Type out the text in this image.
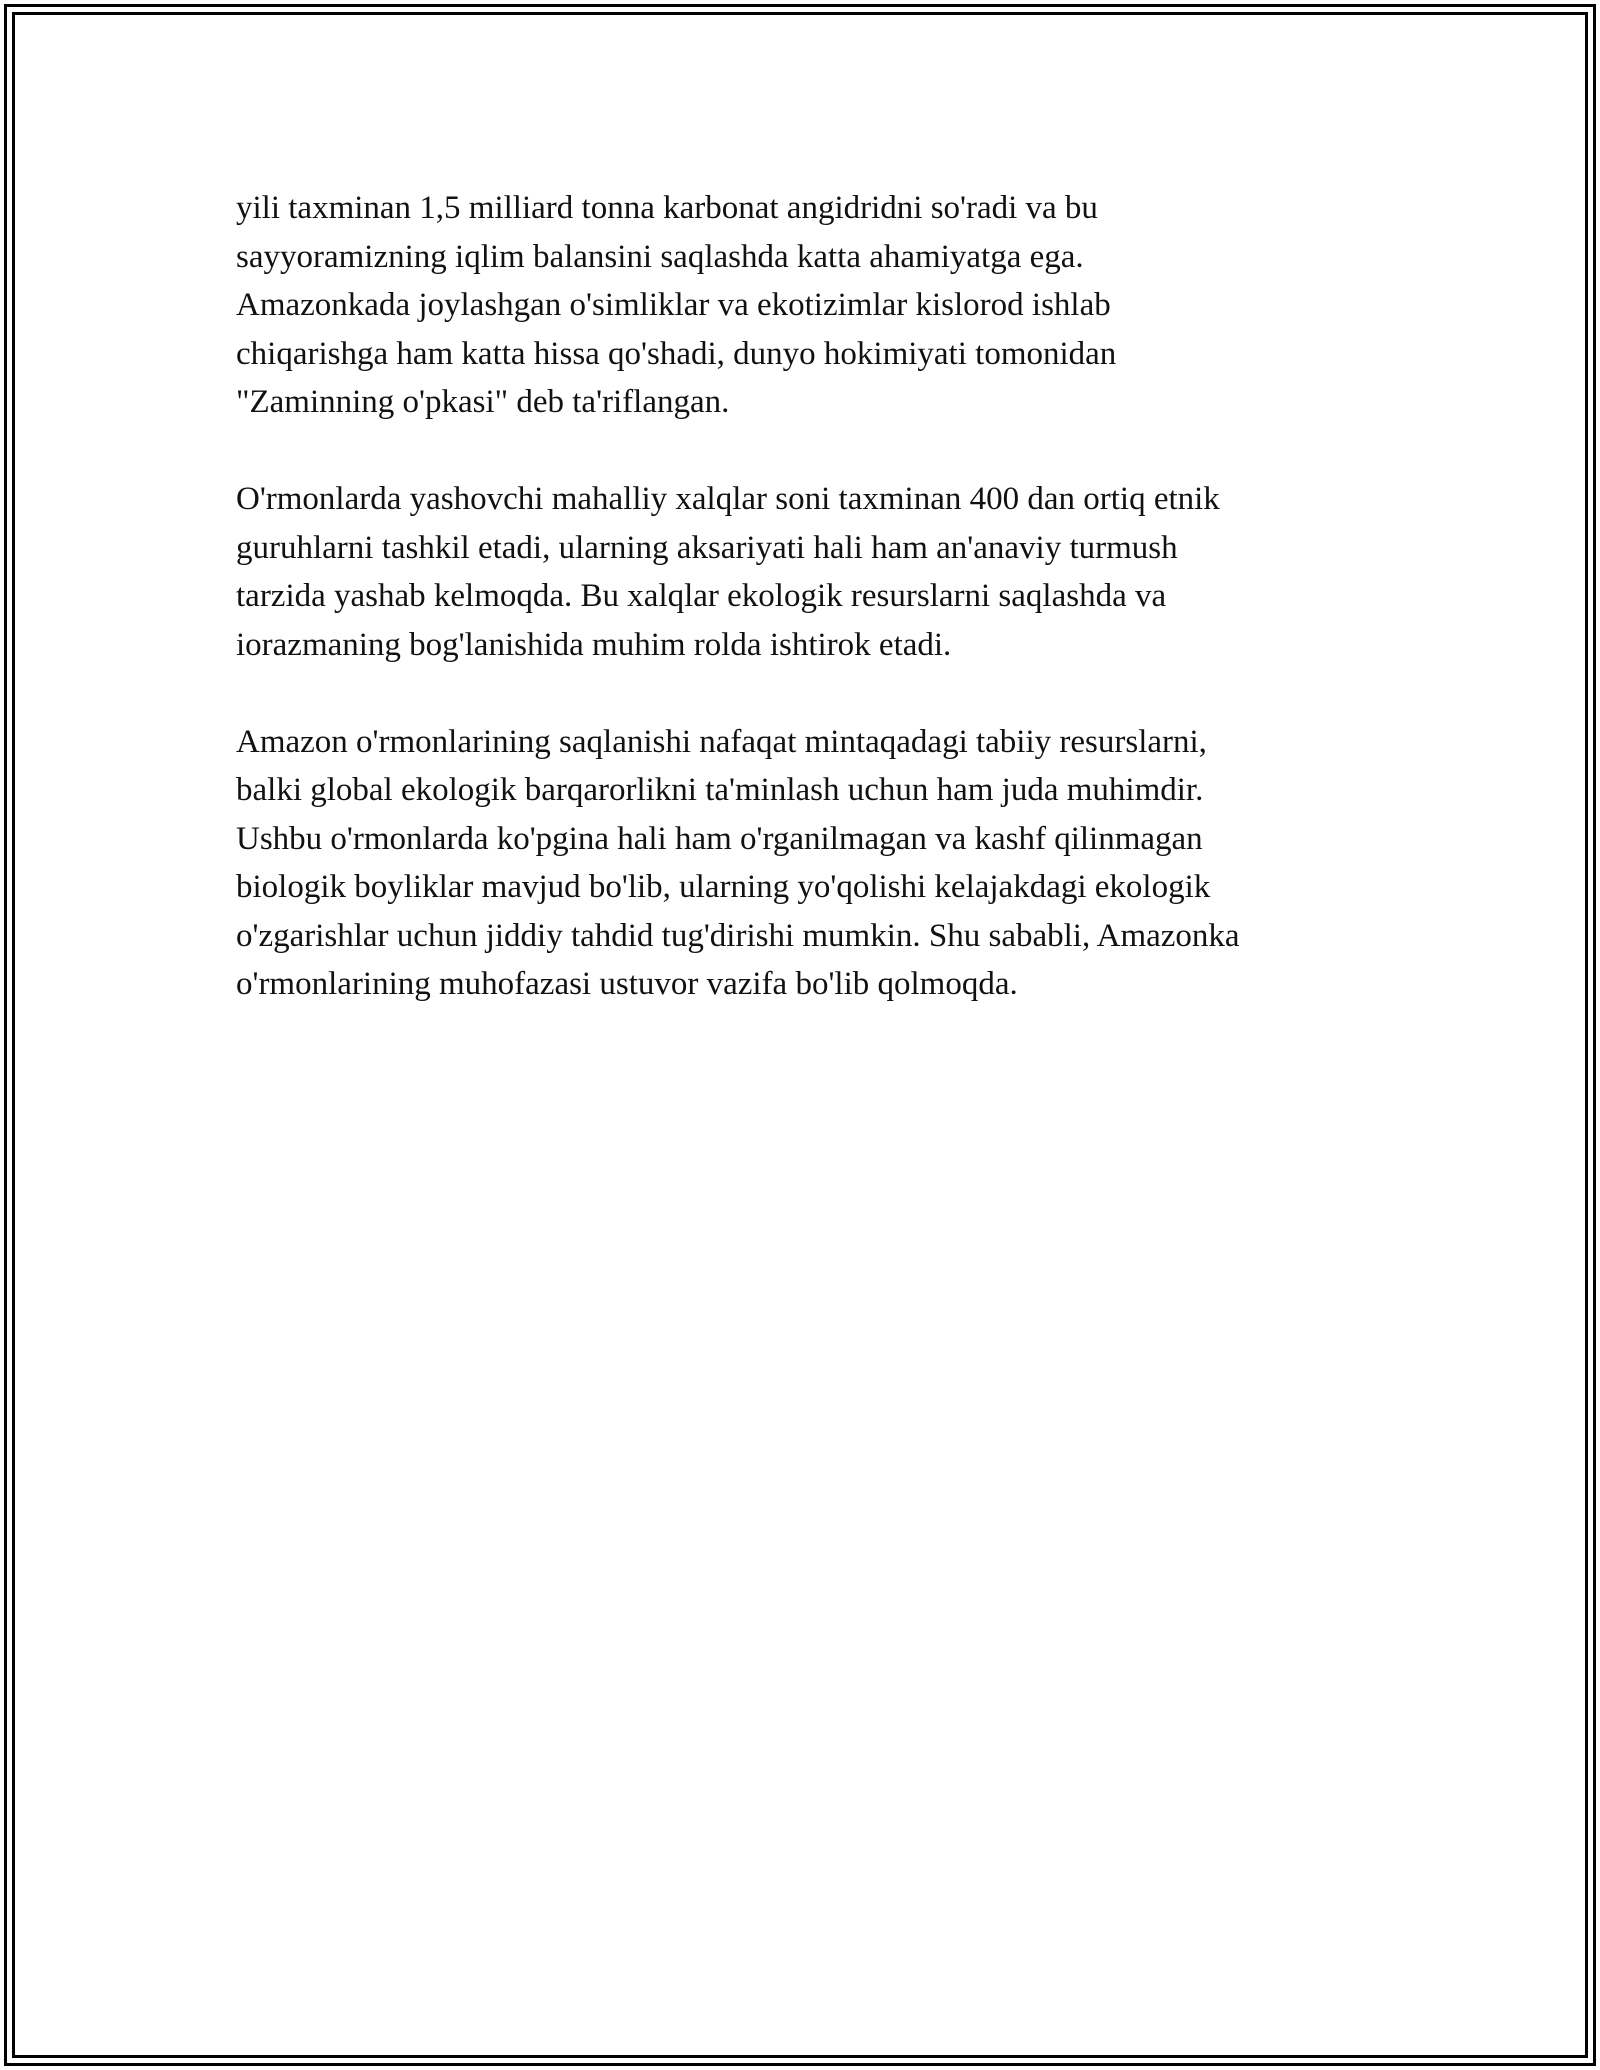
yili taxminan 1,5 milliard tonna karbonat angidridni so'radi va bu
sayyoramizning iqlim balansini saqlashda katta ahamiyatga ega.
Amazonkada joylashgan o'simliklar va ekotizimlar kislorod ishlab
chiqarishga ham katta hissa qo'shadi, dunyo hokimiyati tomonidan
"Zaminning o'pkasi" deb ta'riflangan.

O'rmonlarda yashovchi mahalliy xalqlar soni taxminan 400 dan ortiq etnik
guruhlarni tashkil etadi, ularning aksariyati hali ham an'anaviy turmush
tarzida yashab kelmoqda. Bu xalqlar ekologik resurslarni saqlashda va
iorazmaning bog'lanishida muhim rolda ishtirok etadi.

Amazon o'rmonlarining saqlanishi nafaqat mintaqadagi tabiiy resurslarni,
balki global ekologik barqarorlikni ta'minlash uchun ham juda muhimdir.
Ushbu o'rmonlarda ko'pgina hali ham o'rganilmagan va kashf qilinmagan
biologik boyliklar mavjud bo'lib, ularning yo'qolishi kelajakdagi ekologik
o'zgarishlar uchun jiddiy tahdid tug'dirishi mumkin. Shu sababli, Amazonka
o'rmonlarining muhofazasi ustuvor vazifa bo'lib qolmoqda.
